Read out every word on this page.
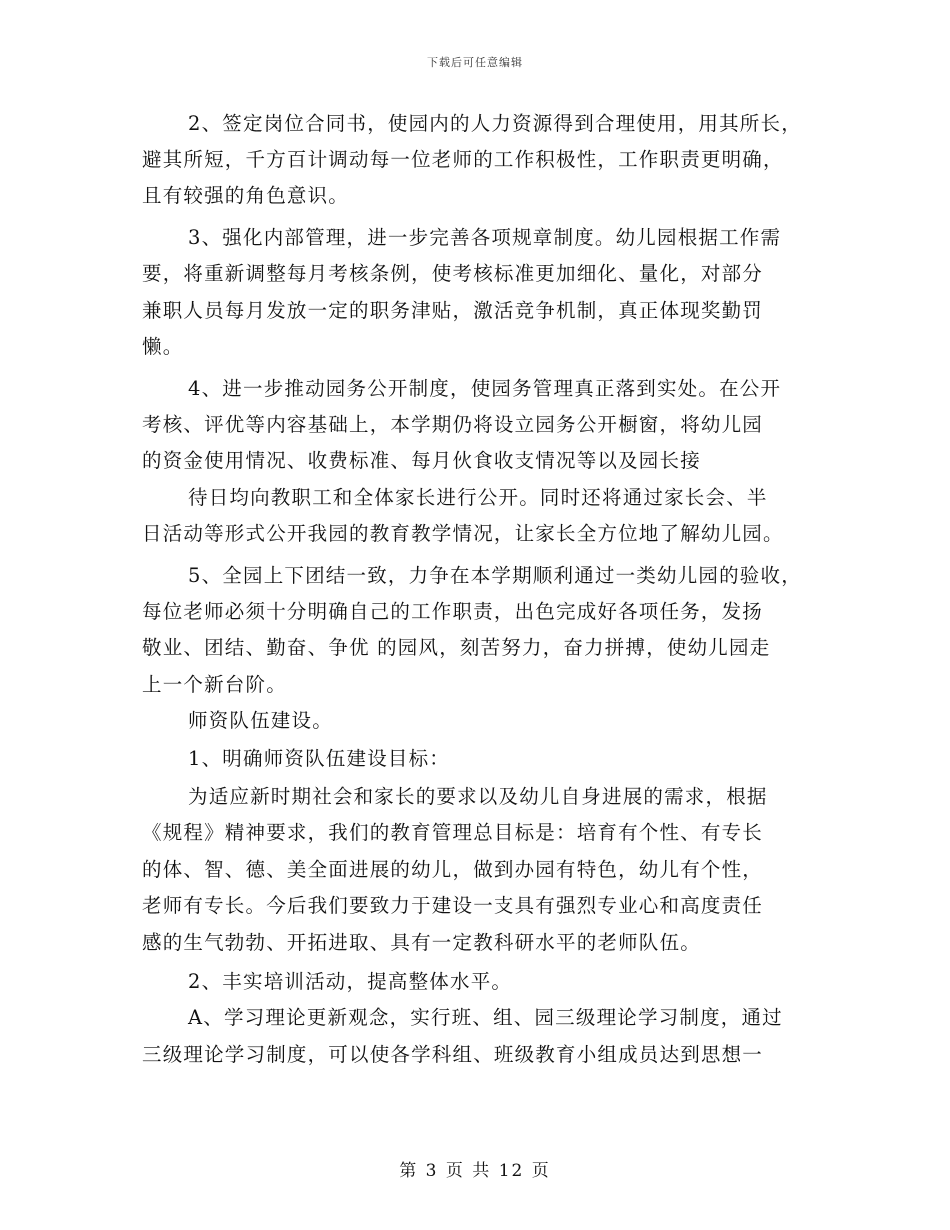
下载后可任意编辑
2、签定岗位合同书，使园内的人力资源得到合理使用，用其所长，
避其所短，千方百计调动每一位老师的工作积极性，工作职责更明确，
且有较强的角色意识。
3、强化内部管理，进一步完善各项规章制度。幼儿园根据工作需
要，将重新调整每月考核条例，使考核标准更加细化、量化，对部分
兼职人员每月发放一定的职务津贴，激活竞争机制，真正体现奖勤罚
懒。
4、进一步推动园务公开制度，使园务管理真正落到实处。在公开
考核、评优等内容基础上，本学期仍将设立园务公开橱窗，将幼儿园
的资金使用情况、收费标准、每月伙食收支情况等以及园长接
待日均向教职工和全体家长进行公开。同时还将通过家长会、半
日活动等形式公开我园的教育教学情况，让家长全方位地了解幼儿园。
5、全园上下团结一致，力争在本学期顺利通过一类幼儿园的验收，
每位老师必须十分明确自己的工作职责，出色完成好各项任务，发扬
敬业、团结、勤奋、争优 的园风，刻苦努力，奋力拼搏，使幼儿园走
上一个新台阶。
师资队伍建设。
1、明确师资队伍建设目标：
为适应新时期社会和家长的要求以及幼儿自身进展的需求，根据
《规程》精神要求，我们的教育管理总目标是：培育有个性、有专长
的体、智、德、美全面进展的幼儿，做到办园有特色，幼儿有个性，
老师有专长。今后我们要致力于建设一支具有强烈专业心和高度责任
感的生气勃勃、开拓进取、具有一定教科研水平的老师队伍。
2、丰实培训活动，提高整体水平。
A、学习理论更新观念，实行班、组、园三级理论学习制度，通过
三级理论学习制度，可以使各学科组、班级教育小组成员达到思想一
第 3 页 共 12 页
